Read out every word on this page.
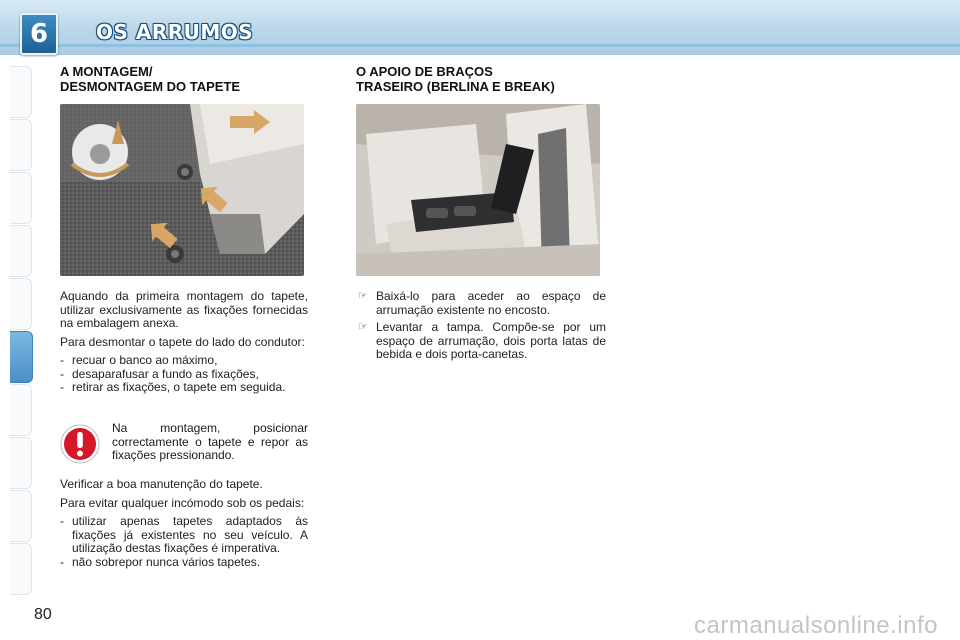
6	OS ARRUMOS
A MONTAGEM/
DESMONTAGEM DO TAPETE

Aquando da primeira montagem do tapete, utilizar exclusivamente as fixações fornecidas na embalagem anexa.

Para desmontar o tapete do lado do condutor:

- recuar o banco ao máximo,
- desaparafusar a fundo as fixações,
- retirar as fixações, o tapete em seguida.
Na montagem, posicionar correctamente o tapete e repor as fixações pressionando.

Verificar a boa manutenção do tapete.

Para evitar qualquer incómodo sob os pedais:

- utilizar apenas tapetes adaptados às fixações já existentes no seu veículo. A utilização destas fixações é imperativa.
- não sobrepor nunca vários tapetes.
O APOIO DE BRAÇOS
TRASEIRO (BERLINA E BREAK)
☞ Baixá-lo para aceder ao espaço de arrumação existente no encosto.
☞ Levantar a tampa. Compõe-se por um espaço de arrumação, dois porta latas de bebida e dois porta-canetas.
80	carmanualsonline.info
